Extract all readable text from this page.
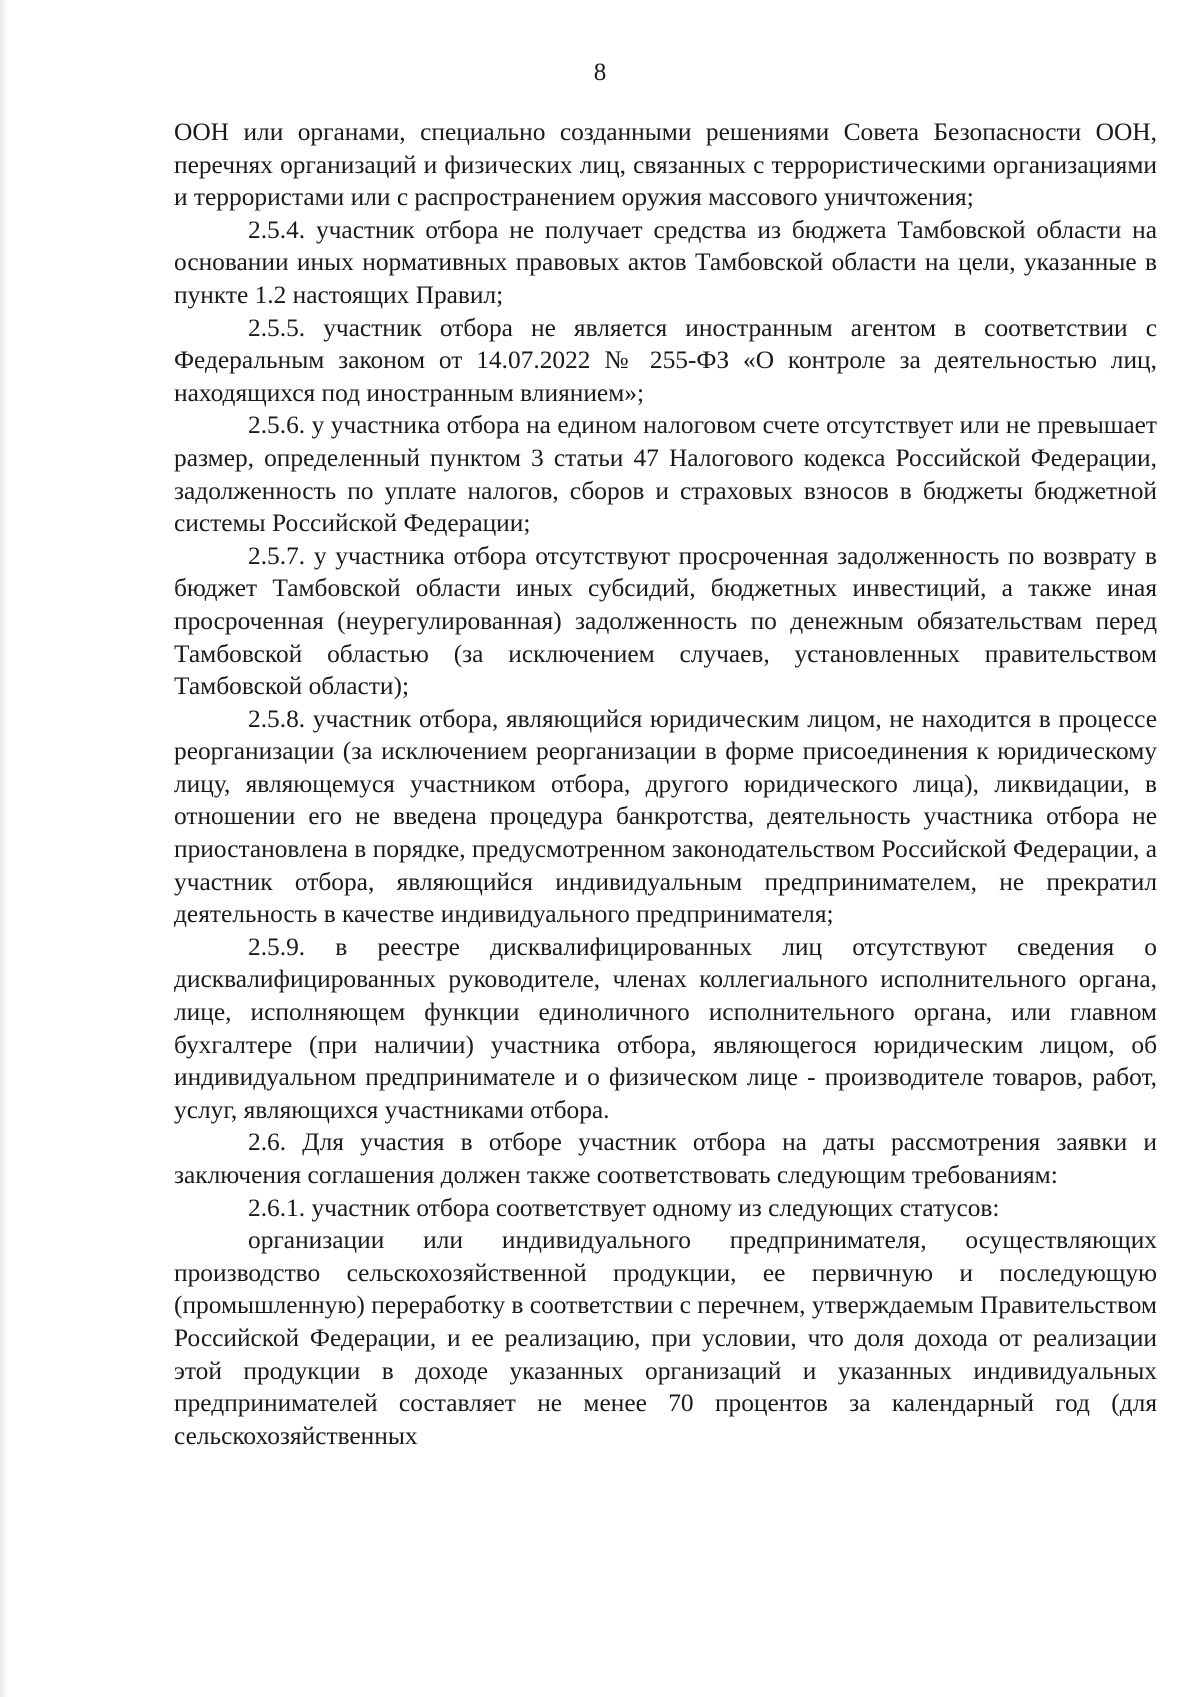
8

ООН или органами, специально созданными решениями Совета Безопасности ООН, перечнях организаций и физических лиц, связанных с террористическими организациями и террористами или с распространением оружия массового уничтожения;

2.5.4. участник отбора не получает средства из бюджета Тамбовской области на основании иных нормативных правовых актов Тамбовской области на цели, указанные в пункте 1.2 настоящих Правил;

2.5.5. участник отбора не является иностранным агентом в соответствии с Федеральным законом от 14.07.2022 № 255-ФЗ «О контроле за деятельностью лиц, находящихся под иностранным влиянием»;

2.5.6. у участника отбора на едином налоговом счете отсутствует или не превышает размер, определенный пунктом 3 статьи 47 Налогового кодекса Российской Федерации, задолженность по уплате налогов, сборов и страховых взносов в бюджеты бюджетной системы Российской Федерации;

2.5.7. у участника отбора отсутствуют просроченная задолженность по возврату в бюджет Тамбовской области иных субсидий, бюджетных инвестиций, а также иная просроченная (неурегулированная) задолженность по денежным обязательствам перед Тамбовской областью (за исключением случаев, установленных правительством Тамбовской области);

2.5.8. участник отбора, являющийся юридическим лицом, не находится в процессе реорганизации (за исключением реорганизации в форме присоединения к юридическому лицу, являющемуся участником отбора, другого юридического лица), ликвидации, в отношении его не введена процедура банкротства, деятельность участника отбора не приостановлена в порядке, предусмотренном законодательством Российской Федерации, а участник отбора, являющийся индивидуальным предпринимателем, не прекратил деятельность в качестве индивидуального предпринимателя;

2.5.9. в реестре дисквалифицированных лиц отсутствуют сведения о дисквалифицированных руководителе, членах коллегиального исполнительного органа, лице, исполняющем функции единоличного исполнительного органа, или главном бухгалтере (при наличии) участника отбора, являющегося юридическим лицом, об индивидуальном предпринимателе и о физическом лице - производителе товаров, работ, услуг, являющихся участниками отбора.

2.6. Для участия в отборе участник отбора на даты рассмотрения заявки и заключения соглашения должен также соответствовать следующим требованиям:

2.6.1. участник отбора соответствует одному из следующих статусов:

организации или индивидуального предпринимателя, осуществляющих производство сельскохозяйственной продукции, ее первичную и последующую (промышленную) переработку в соответствии с перечнем, утверждаемым Правительством Российской Федерации, и ее реализацию, при условии, что доля дохода от реализации этой продукции в доходе указанных организаций и указанных индивидуальных предпринимателей составляет не менее 70 процентов за календарный год (для сельскохозяйственных
